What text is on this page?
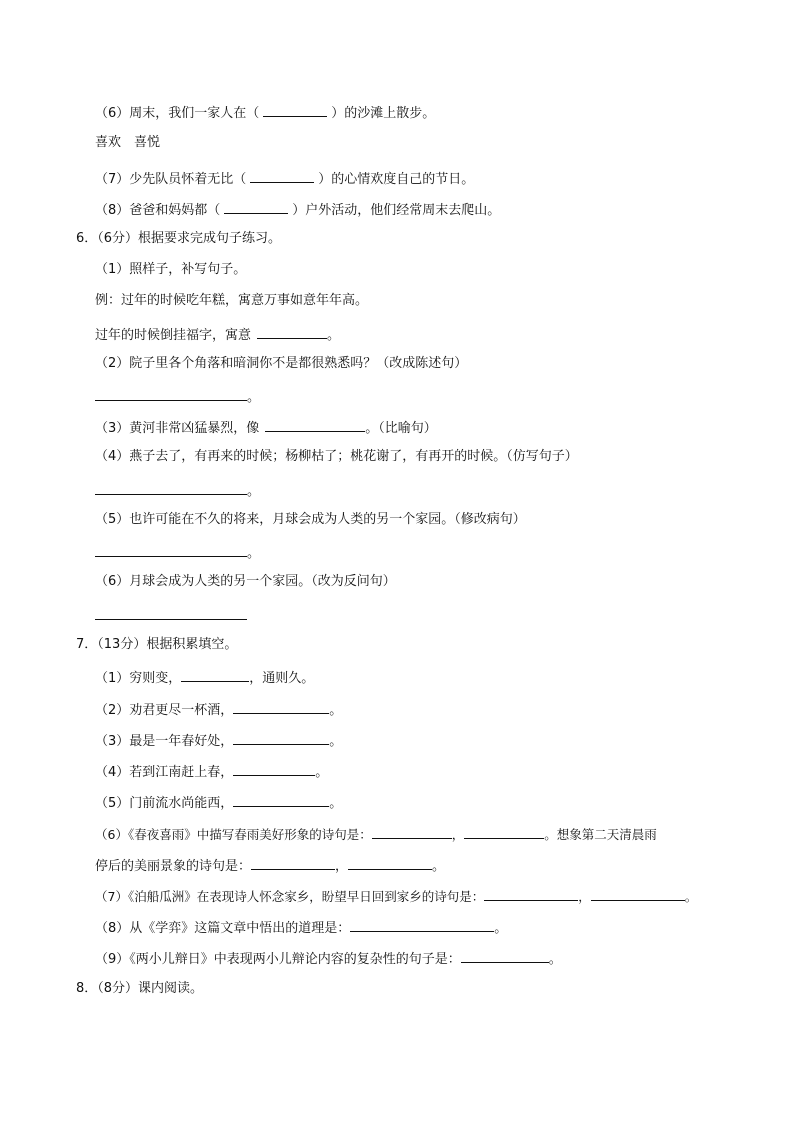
（6）周末，我们一家人在（	）的沙滩上散步。
喜欢　喜悦
（7）少先队员怀着无比（	）的心情欢度自己的节日。
（8）爸爸和妈妈都（	）户外活动，他们经常周末去爬山。
6．（6分）根据要求完成句子练习。
（1）照样子，补写句子。
例：过年的时候吃年糕，寓意万事如意年年高。
过年的时候倒挂福字，寓意	。
（2）院子里各个角落和暗洞你不是都很熟悉吗？（改成陈述句）
。
（3）黄河非常凶猛暴烈，像	。（比喻句）
（4）燕子去了，有再来的时候；杨柳枯了；桃花谢了，有再开的时候。（仿写句子）
。
（5）也许可能在不久的将来，月球会成为人类的另一个家园。（修改病句）
。
（6）月球会成为人类的另一个家园。（改为反问句）
7．（13分）根据积累填空。
（1）穷则变，	，通则久。
（2）劝君更尽一杯酒，	。
（3）最是一年春好处，	。
（4）若到江南赶上春，	。
（5）门前流水尚能西，	。
（6）《春夜喜雨》中描写春雨美好形象的诗句是：	，	。想象第二天清晨雨
停后的美丽景象的诗句是：	，	。
（7）《泊船瓜洲》在表现诗人怀念家乡，盼望早日回到家乡的诗句是：	，	。
（8）从《学弈》这篇文章中悟出的道理是：	。
（9）《两小儿辩日》中表现两小儿辩论内容的复杂性的句子是：	。
8．（8分）课内阅读。
